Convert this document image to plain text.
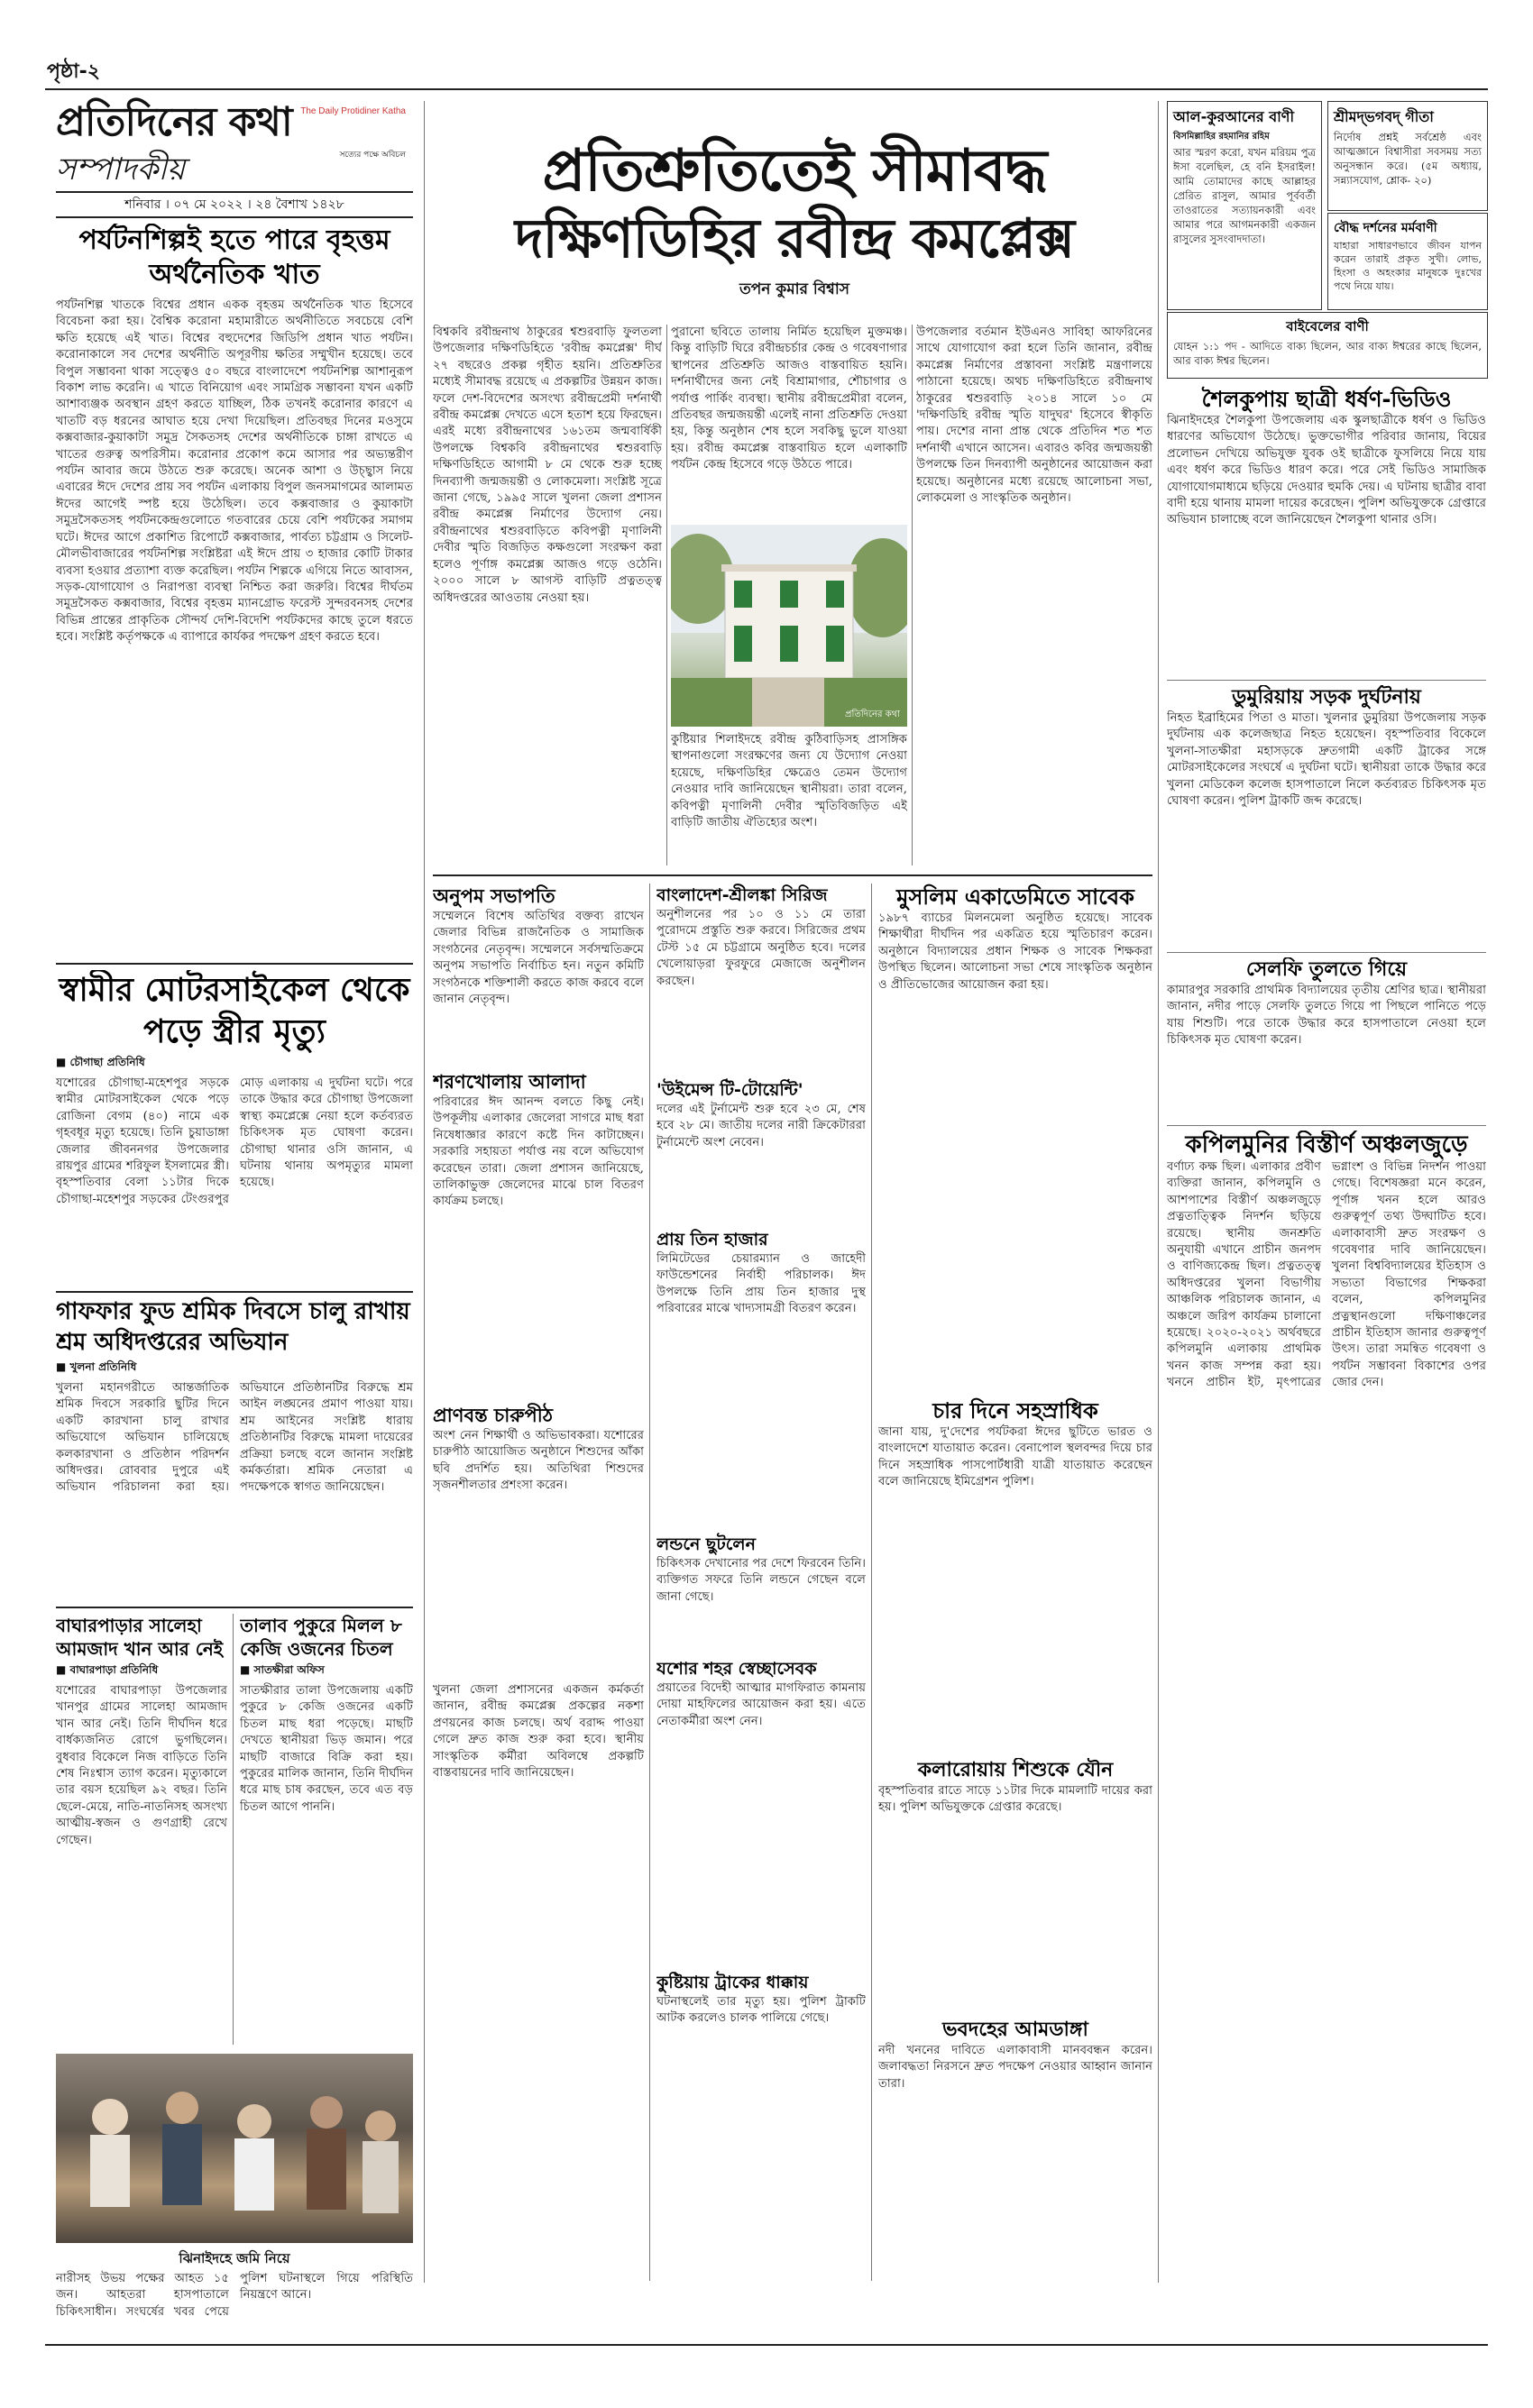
পৃষ্ঠা-২
প্রতিদিনের কথা The Daily Protidiner Katha
সত্যের পক্ষে অবিচল
সম্পাদকীয়
শনিবার । ০৭ মে ২০২২ । ২৪ বৈশাখ ১৪২৮
পর্যটনশিল্পই হতে পারে বৃহত্তম অর্থনৈতিক খাত

পর্যটনশিল্প খাতকে বিশ্বের প্রধান একক বৃহত্তম অর্থনৈতিক খাত হিসেবে বিবেচনা করা হয়। বৈশ্বিক করোনা মহামারীতে অর্থনীতিতে সবচেয়ে বেশি ক্ষতি হয়েছে এই খাত। বিশ্বের বহুদেশের জিডিপি প্রধান খাত পর্যটন। করোনাকালে সব দেশের অর্থনীতি অপূরণীয় ক্ষতির সম্মুখীন হয়েছে। তবে বিপুল সম্ভাবনা থাকা সত্ত্বেও ৫০ বছরে বাংলাদেশে পর্যটনশিল্প আশানুরূপ বিকাশ লাভ করেনি। এ খাতে বিনিয়োগ এবং সামগ্রিক সম্ভাবনা যখন একটি আশাব্যঞ্জক অবস্থান গ্রহণ করতে যাচ্ছিল, ঠিক তখনই করোনার কারণে এ খাতটি বড় ধরনের আঘাত হয়ে দেখা দিয়েছিল। প্রতিবছর দিনের মওসুমে কক্সবাজার-কুয়াকাটা সমুদ্র সৈকতসহ দেশের অর্থনীতিকে চাঙ্গা রাখতে এ খাতের গুরুত্ব অপরিসীম। করোনার প্রকোপ কমে আসার পর অভ্যন্তরীণ পর্যটন আবার জমে উঠতে শুরু করেছে। অনেক আশা ও উচ্ছ্বাস নিয়ে এবারের ঈদে দেশের প্রায় সব পর্যটন এলাকায় বিপুল জনসমাগমের আলামত ঈদের আগেই স্পষ্ট হয়ে উঠেছিল। তবে কক্সবাজার ও কুয়াকাটা সমুদ্রসৈকতসহ পর্যটনকেন্দ্রগুলোতে গতবারের চেয়ে বেশি পর্যটকের সমাগম ঘটে। ঈদের আগে প্রকাশিত রিপোর্টে কক্সবাজার, পার্বত্য চট্টগ্রাম ও সিলেট-মৌলভীবাজারের পর্যটনশিল্প সংশ্লিষ্টরা এই ঈদে প্রায় ৩ হাজার কোটি টাকার ব্যবসা হওয়ার প্রত্যাশা ব্যক্ত করেছিল। পর্যটন শিল্পকে এগিয়ে নিতে আবাসন, সড়ক-যোগাযোগ ও নিরাপত্তা ব্যবস্থা নিশ্চিত করা জরুরি। বিশ্বের দীর্ঘতম সমুদ্রসৈকত কক্সবাজার, বিশ্বের বৃহত্তম ম্যানগ্রোভ ফরেস্ট সুন্দরবনসহ দেশের বিভিন্ন প্রান্তের প্রাকৃতিক সৌন্দর্য দেশি-বিদেশি পর্যটকদের কাছে তুলে ধরতে হবে। সংশ্লিষ্ট কর্তৃপক্ষকে এ ব্যাপারে কার্যকর পদক্ষেপ গ্রহণ করতে হবে।

স্বামীর মোটরসাইকেল থেকে পড়ে স্ত্রীর মৃত্যু
■ চৌগাছা প্রতিনিধি

যশোরের চৌগাছা-মহেশপুর সড়কে স্বামীর মোটরসাইকেল থেকে পড়ে রোজিনা বেগম (৪০) নামে এক গৃহবধূর মৃত্যু হয়েছে। তিনি চুয়াডাঙ্গা জেলার জীবননগর উপজেলার রায়পুর গ্রামের শরিফুল ইসলামের স্ত্রী। বৃহস্পতিবার বেলা ১১টার দিকে চৌগাছা-মহেশপুর সড়কের টেংগুরপুর মোড় এলাকায় এ দুর্ঘটনা ঘটে। পরে তাকে উদ্ধার করে চৌগাছা উপজেলা স্বাস্থ্য কমপ্লেক্সে নেয়া হলে কর্তব্যরত চিকিৎসক মৃত ঘোষণা করেন। চৌগাছা থানার ওসি জানান, এ ঘটনায় থানায় অপমৃত্যুর মামলা হয়েছে।

গাফফার ফুড শ্রমিক দিবসে চালু রাখায় শ্রম অধিদপ্তরের অভিযান
■ খুলনা প্রতিনিধি

খুলনা মহানগরীতে আন্তর্জাতিক শ্রমিক দিবসে সরকারি ছুটির দিনে একটি কারখানা চালু রাখার অভিযোগে অভিযান চালিয়েছে কলকারখানা ও প্রতিষ্ঠান পরিদর্শন অধিদপ্তর। রোববার দুপুরে এই অভিযান পরিচালনা করা হয়। অভিযানে প্রতিষ্ঠানটির বিরুদ্ধে শ্রম আইন লঙ্ঘনের প্রমাণ পাওয়া যায়। শ্রম আইনের সংশ্লিষ্ট ধারায় প্রতিষ্ঠানটির বিরুদ্ধে মামলা দায়েরের প্রক্রিয়া চলছে বলে জানান সংশ্লিষ্ট কর্মকর্তারা। শ্রমিক নেতারা এ পদক্ষেপকে স্বাগত জানিয়েছেন।

বাঘারপাড়ার সালেহা আমজাদ খান আর নেই
■ বাঘারপাড়া প্রতিনিধি

যশোরের বাঘারপাড়া উপজেলার খানপুর গ্রামের সালেহা আমজাদ খান আর নেই। তিনি দীর্ঘদিন ধরে বার্ধক্যজনিত রোগে ভুগছিলেন। বুধবার বিকেলে নিজ বাড়িতে তিনি শেষ নিঃশ্বাস ত্যাগ করেন। মৃত্যুকালে তার বয়স হয়েছিল ৯২ বছর। তিনি ছেলে-মেয়ে, নাতি-নাতনিসহ অসংখ্য আত্মীয়-স্বজন ও গুণগ্রাহী রেখে গেছেন।

তালাব পুকুরে মিলল ৮ কেজি ওজনের চিতল
■ সাতক্ষীরা অফিস

সাতক্ষীরার তালা উপজেলায় একটি পুকুরে ৮ কেজি ওজনের একটি চিতল মাছ ধরা পড়েছে। মাছটি দেখতে স্থানীয়রা ভিড় জমান। পরে মাছটি বাজারে বিক্রি করা হয়। পুকুরের মালিক জানান, তিনি দীর্ঘদিন ধরে মাছ চাষ করছেন, তবে এত বড় চিতল আগে পাননি।

ঝিনাইদহে জমি নিয়ে

নারীসহ উভয় পক্ষের আহত ১৫ জন। আহতরা হাসপাতালে চিকিৎসাধীন। সংঘর্ষের খবর পেয়ে পুলিশ ঘটনাস্থলে গিয়ে পরিস্থিতি নিয়ন্ত্রণে আনে।

প্রতিশ্রুতিতেই সীমাবদ্ধ
দক্ষিণডিহির রবীন্দ্র কমপ্লেক্স
তপন কুমার বিশ্বাস

বিশ্বকবি রবীন্দ্রনাথ ঠাকুরের শ্বশুরবাড়ি ফুলতলা উপজেলার দক্ষিণডিহিতে 'রবীন্দ্র কমপ্লেক্স' দীর্ঘ ২৭ বছরেও প্রকল্প গৃহীত হয়নি। প্রতিশ্রুতির মধ্যেই সীমাবদ্ধ রয়েছে এ প্রকল্পটির উন্নয়ন কাজ। ফলে দেশ-বিদেশের অসংখ্য রবীন্দ্রপ্রেমী দর্শনার্থী রবীন্দ্র কমপ্লেক্স দেখতে এসে হতাশ হয়ে ফিরছেন। এরই মধ্যে রবীন্দ্রনাথের ১৬১তম জন্মবার্ষিকী উপলক্ষে বিশ্বকবি রবীন্দ্রনাথের শ্বশুরবাড়ি দক্ষিণডিহিতে আগামী ৮ মে থেকে শুরু হচ্ছে দিনব্যাপী জন্মজয়ন্তী ও লোকমেলা। সংশ্লিষ্ট সূত্রে জানা গেছে, ১৯৯৫ সালে খুলনা জেলা প্রশাসন রবীন্দ্র কমপ্লেক্স নির্মাণের উদ্যোগ নেয়। রবীন্দ্রনাথের শ্বশুরবাড়িতে কবিপত্নী মৃণালিনী দেবীর স্মৃতি বিজড়িত কক্ষগুলো সংরক্ষণ করা হলেও পূর্ণাঙ্গ কমপ্লেক্স আজও গড়ে ওঠেনি। ২০০০ সালে ৮ আগস্ট বাড়িটি প্রত্নতত্ত্ব অধিদপ্তরের আওতায় নেওয়া হয়।

পুরানো ছবিতে তালায় নির্মিত হয়েছিল মুক্তমঞ্চ। কিন্তু বাড়িটি ঘিরে রবীন্দ্রচর্চার কেন্দ্র ও গবেষণাগার স্থাপনের প্রতিশ্রুতি আজও বাস্তবায়িত হয়নি। দর্শনার্থীদের জন্য নেই বিশ্রামাগার, শৌচাগার ও পর্যাপ্ত পার্কিং ব্যবস্থা। স্থানীয় রবীন্দ্রপ্রেমীরা বলেন, প্রতিবছর জন্মজয়ন্তী এলেই নানা প্রতিশ্রুতি দেওয়া হয়, কিন্তু অনুষ্ঠান শেষ হলে সবকিছু ভুলে যাওয়া হয়। রবীন্দ্র কমপ্লেক্স বাস্তবায়িত হলে এলাকাটি পর্যটন কেন্দ্র হিসেবে গড়ে উঠতে পারে।

উপজেলার বর্তমান ইউএনও সাবিহা আফরিনের সাথে যোগাযোগ করা হলে তিনি জানান, রবীন্দ্র কমপ্লেক্স নির্মাণের প্রস্তাবনা সংশ্লিষ্ট মন্ত্রণালয়ে পাঠানো হয়েছে। অথচ দক্ষিণডিহিতে রবীন্দ্রনাথ ঠাকুরের শ্বশুরবাড়ি ২০১৪ সালে ১০ মে 'দক্ষিণডিহি রবীন্দ্র স্মৃতি যাদুঘর' হিসেবে স্বীকৃতি পায়। দেশের নানা প্রান্ত থেকে প্রতিদিন শত শত দর্শনার্থী এখানে আসেন। এবারও কবির জন্মজয়ন্তী উপলক্ষে তিন দিনব্যাপী অনুষ্ঠানের আয়োজন করা হয়েছে। অনুষ্ঠানের মধ্যে রয়েছে আলোচনা সভা, লোকমেলা ও সাংস্কৃতিক অনুষ্ঠান।

প্রতিদিনের কথা

কুষ্টিয়ার শিলাইদহে রবীন্দ্র কুঠিবাড়িসহ প্রাসঙ্গিক স্থাপনাগুলো সংরক্ষণের জন্য যে উদ্যোগ নেওয়া হয়েছে, দক্ষিণডিহির ক্ষেত্রেও তেমন উদ্যোগ নেওয়ার দাবি জানিয়েছেন স্থানীয়রা। তারা বলেন, কবিপত্নী মৃণালিনী দেবীর স্মৃতিবিজড়িত এই বাড়িটি জাতীয় ঐতিহ্যের অংশ।

অনুপম সভাপতি

সম্মেলনে বিশেষ অতিথির বক্তব্য রাখেন জেলার বিভিন্ন রাজনৈতিক ও সামাজিক সংগঠনের নেতৃবৃন্দ। সম্মেলনে সর্বসম্মতিক্রমে অনুপম সভাপতি নির্বাচিত হন। নতুন কমিটি সংগঠনকে শক্তিশালী করতে কাজ করবে বলে জানান নেতৃবৃন্দ।

শরণখোলায় আলাদা

পরিবারের ঈদ আনন্দ বলতে কিছু নেই। উপকূলীয় এলাকার জেলেরা সাগরে মাছ ধরা নিষেধাজ্ঞার কারণে কষ্টে দিন কাটাচ্ছেন। সরকারি সহায়তা পর্যাপ্ত নয় বলে অভিযোগ করেছেন তারা। জেলা প্রশাসন জানিয়েছে, তালিকাভুক্ত জেলেদের মাঝে চাল বিতরণ কার্যক্রম চলছে।

প্রাণবন্ত চারুপীঠ

অংশ নেন শিক্ষার্থী ও অভিভাবকরা। যশোরের চারুপীঠ আয়োজিত অনুষ্ঠানে শিশুদের আঁকা ছবি প্রদর্শিত হয়। অতিথিরা শিশুদের সৃজনশীলতার প্রশংসা করেন।

খুলনা জেলা প্রশাসনের একজন কর্মকর্তা জানান, রবীন্দ্র কমপ্লেক্স প্রকল্পের নকশা প্রণয়নের কাজ চলছে। অর্থ বরাদ্দ পাওয়া গেলে দ্রুত কাজ শুরু করা হবে। স্থানীয় সাংস্কৃতিক কর্মীরা অবিলম্বে প্রকল্পটি বাস্তবায়নের দাবি জানিয়েছেন।

বাংলাদেশ-শ্রীলঙ্কা সিরিজ

অনুশীলনের পর ১০ ও ১১ মে তারা পুরোদমে প্রস্তুতি শুরু করবে। সিরিজের প্রথম টেস্ট ১৫ মে চট্টগ্রামে অনুষ্ঠিত হবে। দলের খেলোয়াড়রা ফুরফুরে মেজাজে অনুশীলন করছেন।

'উইমেন্স টি-টোয়েন্টি'

দলের এই টুর্নামেন্ট শুরু হবে ২৩ মে, শেষ হবে ২৮ মে। জাতীয় দলের নারী ক্রিকেটাররা টুর্নামেন্টে অংশ নেবেন।

প্রায় তিন হাজার

লিমিটেডের চেয়ারম্যান ও জাহেদী ফাউন্ডেশনের নির্বাহী পরিচালক। ঈদ উপলক্ষে তিনি প্রায় তিন হাজার দুস্থ পরিবারের মাঝে খাদ্যসামগ্রী বিতরণ করেন।

লন্ডনে ছুটলেন

চিকিৎসক দেখানোর পর দেশে ফিরবেন তিনি। ব্যক্তিগত সফরে তিনি লন্ডনে গেছেন বলে জানা গেছে।

যশোর শহর স্বেচ্ছাসেবক

প্রয়াতের বিদেহী আত্মার মাগফিরাত কামনায় দোয়া মাহফিলের আয়োজন করা হয়। এতে নেতাকর্মীরা অংশ নেন।

কুষ্টিয়ায় ট্রাকের ধাক্কায়

ঘটনাস্থলেই তার মৃত্যু হয়। পুলিশ ট্রাকটি আটক করলেও চালক পালিয়ে গেছে।

মুসলিম একাডেমিতে সাবেক

১৯৮৭ ব্যাচের মিলনমেলা অনুষ্ঠিত হয়েছে। সাবেক শিক্ষার্থীরা দীর্ঘদিন পর একত্রিত হয়ে স্মৃতিচারণ করেন। অনুষ্ঠানে বিদ্যালয়ের প্রধান শিক্ষক ও সাবেক শিক্ষকরা উপস্থিত ছিলেন। আলোচনা সভা শেষে সাংস্কৃতিক অনুষ্ঠান ও প্রীতিভোজের আয়োজন করা হয়।

চার দিনে সহস্রাধিক

জানা যায়, দু'দেশের পর্যটকরা ঈদের ছুটিতে ভারত ও বাংলাদেশে যাতায়াত করেন। বেনাপোল স্থলবন্দর দিয়ে চার দিনে সহস্রাধিক পাসপোর্টধারী যাত্রী যাতায়াত করেছেন বলে জানিয়েছে ইমিগ্রেশন পুলিশ।

কলারোয়ায় শিশুকে যৌন

বৃহস্পতিবার রাতে সাড়ে ১১টার দিকে মামলাটি দায়ের করা হয়। পুলিশ অভিযুক্তকে গ্রেপ্তার করেছে।

ভবদহের আমডাঙ্গা

নদী খননের দাবিতে এলাকাবাসী মানববন্ধন করেন। জলাবদ্ধতা নিরসনে দ্রুত পদক্ষেপ নেওয়ার আহ্বান জানান তারা।

আল-কুরআনের বাণী
বিসমিল্লাহির রহমানির রহিম

আর স্মরণ করো, যখন মরিয়ম পুত্র ঈসা বলেছিল, হে বনি ইসরাইল! আমি তোমাদের কাছে আল্লাহর প্রেরিত রাসুল, আমার পূর্ববর্তী তাওরাতের সত্যায়নকারী এবং আমার পরে আগমনকারী একজন রাসুলের সুসংবাদদাতা।

শ্রীমদ্‌ভগবদ্ গীতা

নির্দোষ প্রশ্নই সর্বশ্রেষ্ঠ এবং আত্মজ্ঞানে বিশ্বাসীরা সবসময় সত্য অনুসন্ধান করে। (৫ম অধ্যায়, সন্ন্যাসযোগ, শ্লোক- ২০)

বৌদ্ধ দর্শনের মর্মবাণী

যাহারা সাধারণভাবে জীবন যাপন করেন তারাই প্রকৃত সুখী। লোভ, হিংসা ও অহংকার মানুষকে দুঃখের পথে নিয়ে যায়।

বাইবেলের বাণী

যোহন ১:১ পদ - আদিতে বাক্য ছিলেন, আর বাক্য ঈশ্বরের কাছে ছিলেন, আর বাক্য ঈশ্বর ছিলেন।

শৈলকুপায় ছাত্রী ধর্ষণ-ভিডিও

ঝিনাইদহের শৈলকুপা উপজেলায় এক স্কুলছাত্রীকে ধর্ষণ ও ভিডিও ধারণের অভিযোগ উঠেছে। ভুক্তভোগীর পরিবার জানায়, বিয়ের প্রলোভন দেখিয়ে অভিযুক্ত যুবক ওই ছাত্রীকে ফুসলিয়ে নিয়ে যায় এবং ধর্ষণ করে ভিডিও ধারণ করে। পরে সেই ভিডিও সামাজিক যোগাযোগমাধ্যমে ছড়িয়ে দেওয়ার হুমকি দেয়। এ ঘটনায় ছাত্রীর বাবা বাদী হয়ে থানায় মামলা দায়ের করেছেন। পুলিশ অভিযুক্তকে গ্রেপ্তারে অভিযান চালাচ্ছে বলে জানিয়েছেন শৈলকুপা থানার ওসি।

ডুমুরিয়ায় সড়ক দুর্ঘটনায়

নিহত ইব্রাহিমের পিতা ও মাতা। খুলনার ডুমুরিয়া উপজেলায় সড়ক দুর্ঘটনায় এক কলেজছাত্র নিহত হয়েছেন। বৃহস্পতিবার বিকেলে খুলনা-সাতক্ষীরা মহাসড়কে দ্রুতগামী একটি ট্রাকের সঙ্গে মোটরসাইকেলের সংঘর্ষে এ দুর্ঘটনা ঘটে। স্থানীয়রা তাকে উদ্ধার করে খুলনা মেডিকেল কলেজ হাসপাতালে নিলে কর্তব্যরত চিকিৎসক মৃত ঘোষণা করেন। পুলিশ ট্রাকটি জব্দ করেছে।

সেলফি তুলতে গিয়ে

কামারপুর সরকারি প্রাথমিক বিদ্যালয়ের তৃতীয় শ্রেণির ছাত্র। স্থানীয়রা জানান, নদীর পাড়ে সেলফি তুলতে গিয়ে পা পিছলে পানিতে পড়ে যায় শিশুটি। পরে তাকে উদ্ধার করে হাসপাতালে নেওয়া হলে চিকিৎসক মৃত ঘোষণা করেন।

কপিলমুনির বিস্তীর্ণ অঞ্চলজুড়ে

বর্ণাঢ্য কক্ষ ছিল। এলাকার প্রবীণ ব্যক্তিরা জানান, কপিলমুনি ও আশপাশের বিস্তীর্ণ অঞ্চলজুড়ে প্রত্নতাত্ত্বিক নিদর্শন ছড়িয়ে রয়েছে। স্থানীয় জনশ্রুতি অনুযায়ী এখানে প্রাচীন জনপদ ও বাণিজ্যকেন্দ্র ছিল। প্রত্নতত্ত্ব অধিদপ্তরের খুলনা বিভাগীয় আঞ্চলিক পরিচালক জানান, এ অঞ্চলে জরিপ কার্যক্রম চালানো হয়েছে। ২০২০-২০২১ অর্থবছরে কপিলমুনি এলাকায় প্রাথমিক খনন কাজ সম্পন্ন করা হয়। খননে প্রাচীন ইট, মৃৎপাত্রের ভগ্নাংশ ও বিভিন্ন নিদর্শন পাওয়া গেছে। বিশেষজ্ঞরা মনে করেন, পূর্ণাঙ্গ খনন হলে আরও গুরুত্বপূর্ণ তথ্য উদ্ঘাটিত হবে। এলাকাবাসী দ্রুত সংরক্ষণ ও গবেষণার দাবি জানিয়েছেন। খুলনা বিশ্ববিদ্যালয়ের ইতিহাস ও সভ্যতা বিভাগের শিক্ষকরা বলেন, কপিলমুনির প্রত্নস্থানগুলো দক্ষিণাঞ্চলের প্রাচীন ইতিহাস জানার গুরুত্বপূর্ণ উৎস। তারা সমন্বিত গবেষণা ও পর্যটন সম্ভাবনা বিকাশের ওপর জোর দেন।
